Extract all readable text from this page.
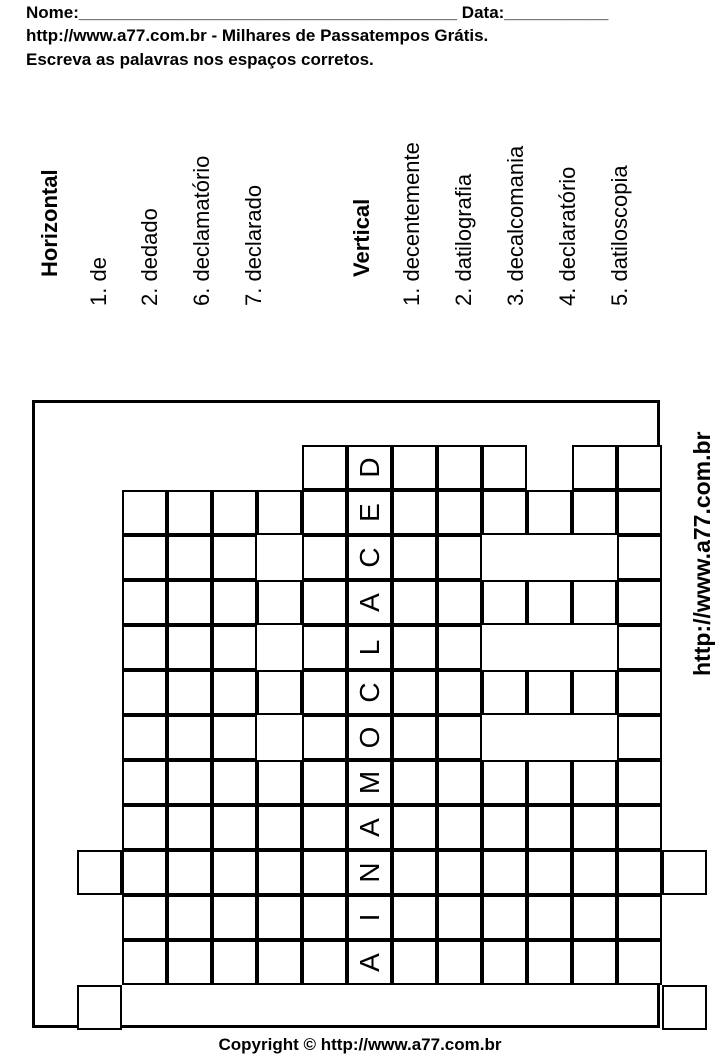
Nome:________________________________________ Data:___________
http://www.a77.com.br - Milhares de Passatempos Grátis.
Escreva as palavras nos espaços corretos.
Horizontal
1. de 2. dedado 6. declamatório 7. declarado	Vertical 1. decentemente 2. datilografia 3. decalcomania 4. declaratório 5. datiloscopia
http://www.a77.com.br
D
E
C
A
L
C
O
M
A
N
I
A
Copyright © http://www.a77.com.br
